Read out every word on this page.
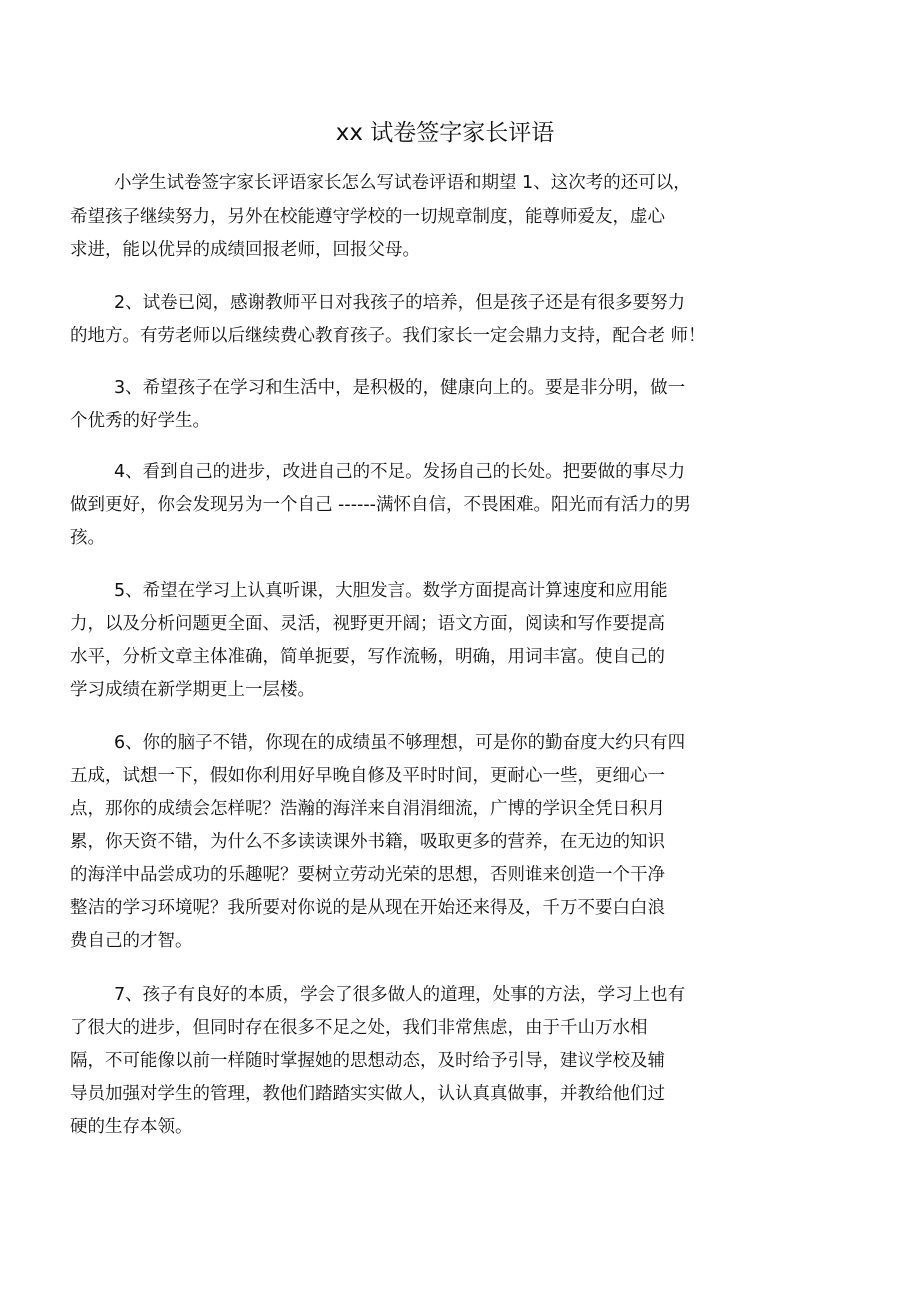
xx 试卷签字家长评语

小学生试卷签字家长评语家长怎么写试卷评语和期望 1、这次考的还可以，

希望孩子继续努力，另外在校能遵守学校的一切规章制度，能尊师爱友，虚心

求进，能以优异的成绩回报老师，回报父母。

2、试卷已阅，感谢教师平日对我孩子的培养，但是孩子还是有很多要努力

的地方。有劳老师以后继续费心教育孩子。我们家长一定会鼎力支持，配合老 师！

3、希望孩子在学习和生活中，是积极的，健康向上的。要是非分明，做一

个优秀的好学生。

4、看到自己的进步，改进自己的不足。发扬自己的长处。把要做的事尽力

做到更好，你会发现另为一个自己 ------满怀自信，不畏困难。阳光而有活力的男

孩。

5、希望在学习上认真听课，大胆发言。数学方面提高计算速度和应用能

力，以及分析问题更全面、灵活，视野更开阔；语文方面，阅读和写作要提高

水平，分析文章主体准确，简单扼要，写作流畅，明确，用词丰富。使自己的

学习成绩在新学期更上一层楼。

6、你的脑子不错，你现在的成绩虽不够理想，可是你的勤奋度大约只有四

五成，试想一下，假如你利用好早晚自修及平时时间，更耐心一些，更细心一

点，那你的成绩会怎样呢？浩瀚的海洋来自涓涓细流，广博的学识全凭日积月

累，你天资不错，为什么不多读读课外书籍，吸取更多的营养，在无边的知识

的海洋中品尝成功的乐趣呢？要树立劳动光荣的思想，否则谁来创造一个干净

整洁的学习环境呢？我所要对你说的是从现在开始还来得及，千万不要白白浪

费自己的才智。

7、孩子有良好的本质，学会了很多做人的道理，处事的方法，学习上也有

了很大的进步，但同时存在很多不足之处，我们非常焦虑，由于千山万水相

隔，不可能像以前一样随时掌握她的思想动态，及时给予引导，建议学校及辅

导员加强对学生的管理，教他们踏踏实实做人，认认真真做事，并教给他们过

硬的生存本领。
